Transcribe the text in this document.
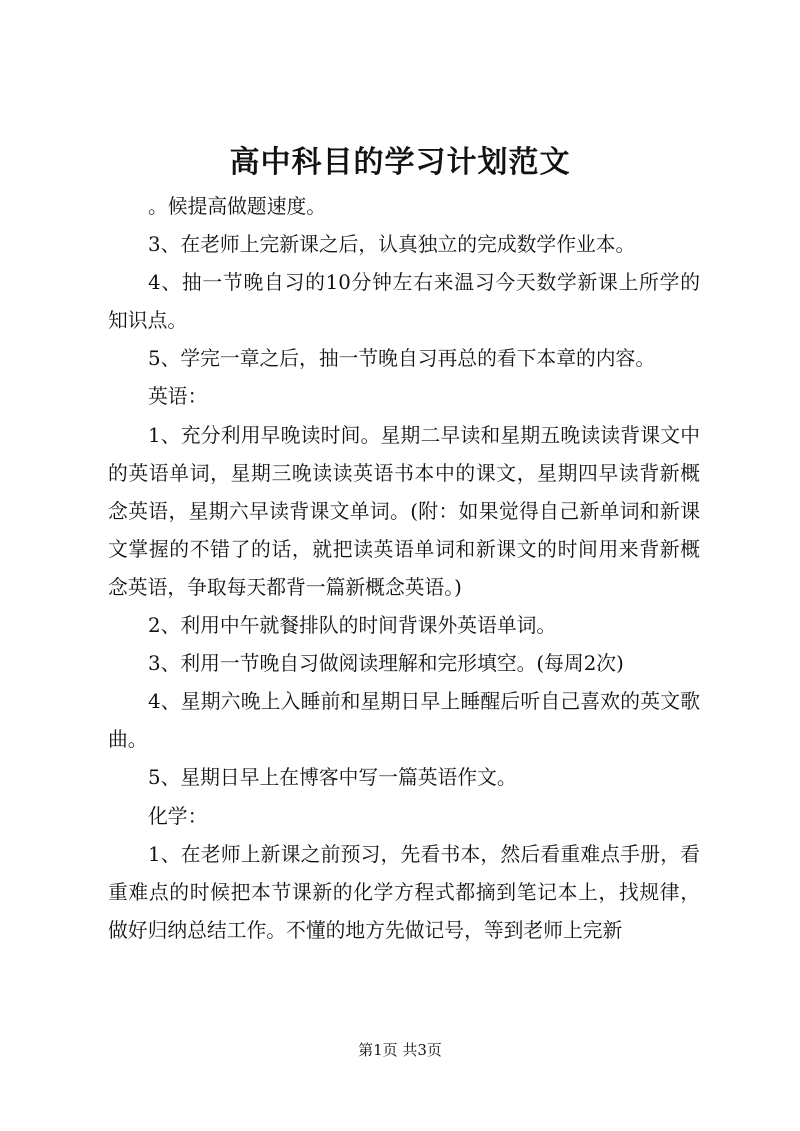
高中科目的学习计划范文

。候提高做题速度。

3、在老师上完新课之后，认真独立的完成数学作业本。

4、抽一节晚自习的10分钟左右来温习今天数学新课上所学的知识点。

5、学完一章之后，抽一节晚自习再总的看下本章的内容。

英语：

1、充分利用早晚读时间。星期二早读和星期五晚读读背课文中的英语单词，星期三晚读读英语书本中的课文，星期四早读背新概念英语，星期六早读背课文单词。(附：如果觉得自己新单词和新课文掌握的不错了的话，就把读英语单词和新课文的时间用来背新概念英语，争取每天都背一篇新概念英语。)

2、利用中午就餐排队的时间背课外英语单词。

3、利用一节晚自习做阅读理解和完形填空。(每周2次)

4、星期六晚上入睡前和星期日早上睡醒后听自己喜欢的英文歌曲。

5、星期日早上在博客中写一篇英语作文。

化学：

1、在老师上新课之前预习，先看书本，然后看重难点手册，看重难点的时候把本节课新的化学方程式都摘到笔记本上，找规律，做好归纳总结工作。不懂的地方先做记号，等到老师上完新

第1页 共3页
